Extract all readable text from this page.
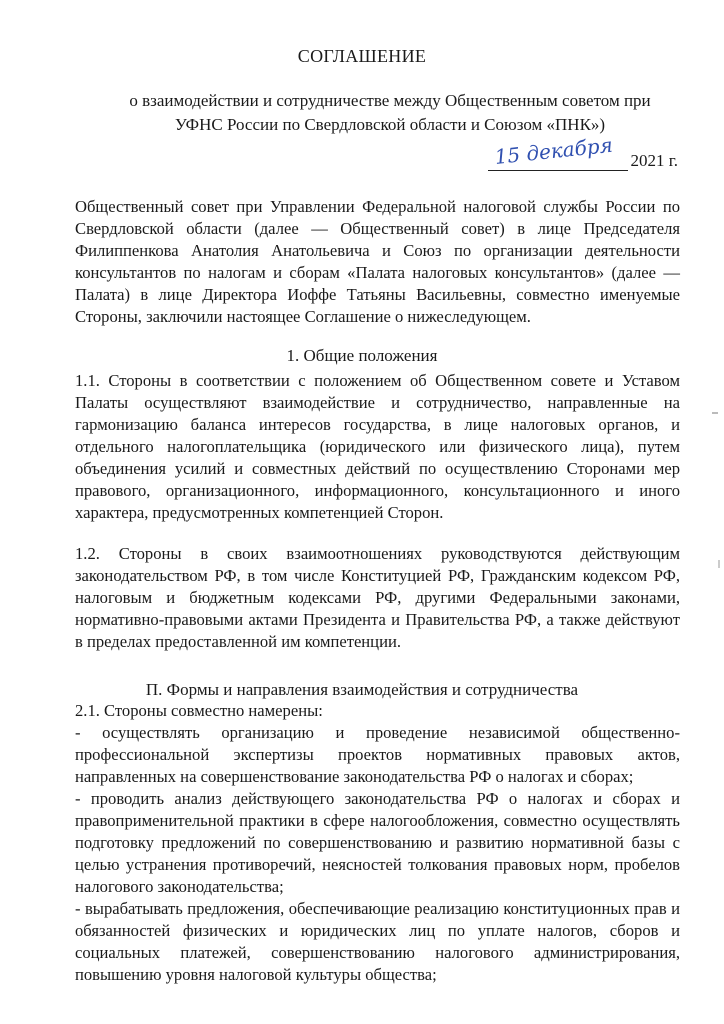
СОГЛАШЕНИЕ
о взаимодействии и сотрудничестве между Общественным советом при УФНС России по Свердловской области и Союзом «ПНК»)
15 декабря 2021 г.
Общественный совет при Управлении Федеральной налоговой службы России по Свердловской области (далее — Общественный совет) в лице Председателя Филиппенкова Анатолия Анатольевича и Союз по организации деятельности консультантов по налогам и сборам «Палата налоговых консультантов» (далее — Палата) в лице Директора Иоффе Татьяны Васильевны, совместно именуемые Стороны, заключили настоящее Соглашение о нижеследующем.
1. Общие положения
1.1. Стороны в соответствии с положением об Общественном совете и Уставом Палаты осуществляют взаимодействие и сотрудничество, направленные на гармонизацию баланса интересов государства, в лице налоговых органов, и отдельного налогоплательщика (юридического или физического лица), путем объединения усилий и совместных действий по осуществлению Сторонами мер правового, организационного, информационного, консультационного и иного характера, предусмотренных компетенцией Сторон.
1.2. Стороны в своих взаимоотношениях руководствуются действующим законодательством РФ, в том числе Конституцией РФ, Гражданским кодексом РФ, налоговым и бюджетным кодексами РФ, другими Федеральными законами, нормативно-правовыми актами Президента и Правительства РФ, а также действуют в пределах предоставленной им компетенции.
П. Формы и направления взаимодействия и сотрудничества

2.1. Стороны совместно намерены:

- осуществлять организацию и проведение независимой общественно-профессиональной экспертизы проектов нормативных правовых актов, направленных на совершенствование законодательства РФ о налогах и сборах;

- проводить анализ действующего законодательства РФ о налогах и сборах и правоприменительной практики в сфере налогообложения, совместно осуществлять подготовку предложений по совершенствованию и развитию нормативной базы с целью устранения противоречий, неясностей толкования правовых норм, пробелов налогового законодательства;

- вырабатывать предложения, обеспечивающие реализацию конституционных прав и обязанностей физических и юридических лиц по уплате налогов, сборов и социальных платежей, совершенствованию налогового администрирования, повышению уровня налоговой культуры общества;
